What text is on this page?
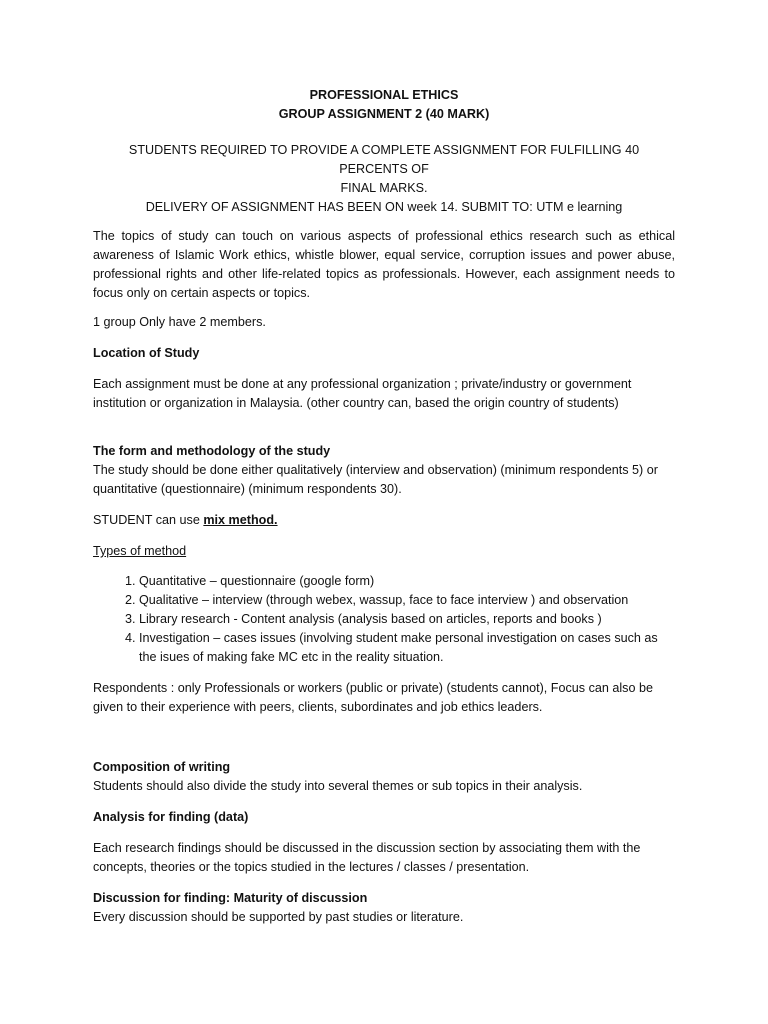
PROFESSIONAL ETHICS
GROUP ASSIGNMENT 2 (40 MARK)
STUDENTS REQUIRED TO PROVIDE A COMPLETE ASSIGNMENT FOR FULFILLING 40 PERCENTS OF
FINAL MARKS.
DELIVERY OF ASSIGNMENT HAS BEEN ON week 14. SUBMIT TO: UTM e learning

The topics of study can touch on various aspects of professional ethics research such as ethical awareness of Islamic Work ethics, whistle blower, equal service, corruption issues and power abuse, professional rights and other life-related topics as professionals. However, each assignment needs to focus only on certain aspects or topics.

1 group Only have 2 members.

Location of Study

Each assignment must be done at any professional organization ; private/industry or government institution or organization in Malaysia. (other country can, based the origin country of students)

The form and methodology of the study

The study should be done either qualitatively (interview and observation) (minimum respondents 5) or quantitative (questionnaire) (minimum respondents 30).

STUDENT can use mix method.

Types of method

1. Quantitative – questionnaire (google form)
2. Qualitative – interview (through webex, wassup, face to face interview ) and observation
3. Library research - Content analysis (analysis based on articles, reports and books )
4. Investigation – cases issues (involving student make personal investigation on cases such as the isues of making fake MC etc in the reality situation.

Respondents : only Professionals or workers (public or private) (students cannot), Focus can also be given to their experience with peers, clients, subordinates and job ethics leaders.

Composition of writing

Students should also divide the study into several themes or sub topics in their analysis.

Analysis for finding (data)

Each research findings should be discussed in the discussion section by associating them with the concepts, theories or the topics studied in the lectures / classes / presentation.

Discussion for finding: Maturity of discussion

Every discussion should be supported by past studies or literature.
